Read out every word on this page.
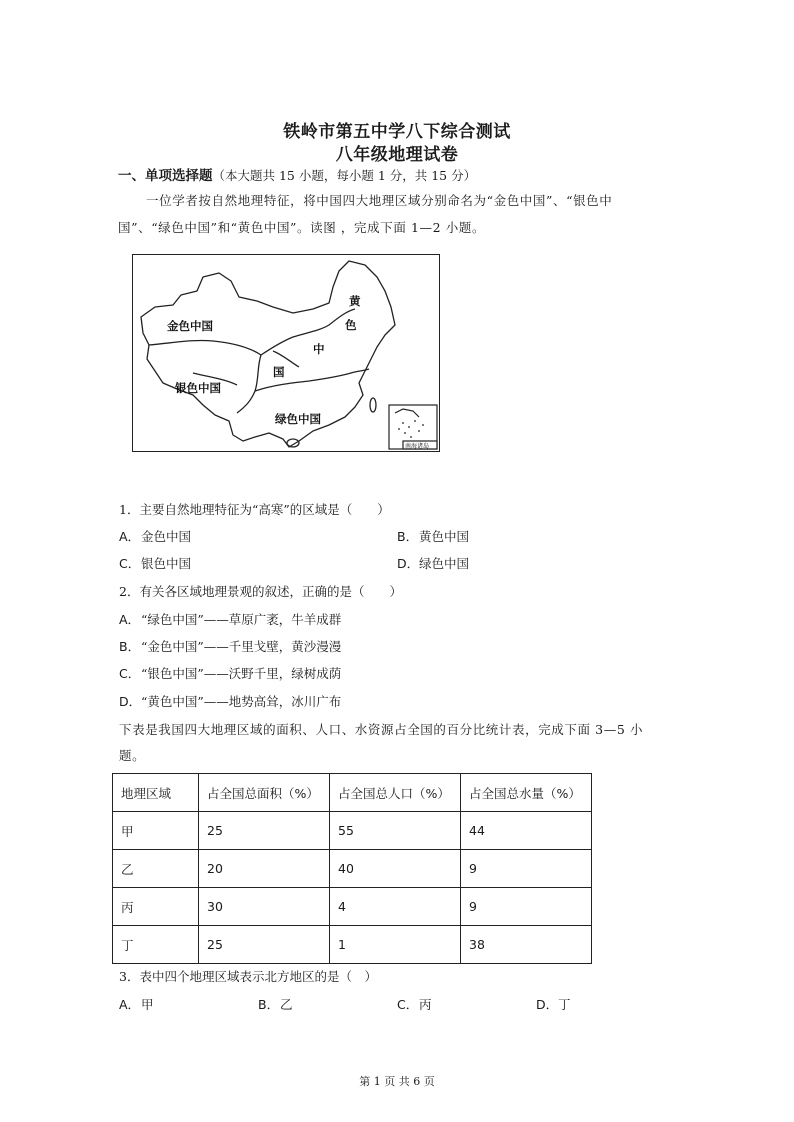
铁岭市第五中学八下综合测试
八年级地理试卷
一、单项选择题（本大题共 15 小题，每小题 1 分，共 15 分）
一位学者按自然地理特征，将中国四大地理区域分别命名为“金色中国”、“银色中
国”、“绿色中国”和“黄色中国”。读图 ，完成下面 1—2 小题。
金色中国
银色中国
绿色中国
黄
色
中
国
南海诸岛
1．主要自然地理特征为“高寒”的区域是（　　）
A．金色中国	B．黄色中国
C．银色中国	D．绿色中国
2．有关各区域地理景观的叙述，正确的是（　　）
A．“绿色中国”——草原广袤，牛羊成群
B．“金色中国”——千里戈壁，黄沙漫漫
C．“银色中国”——沃野千里，绿树成荫
D．“黄色中国”——地势高耸，冰川广布
下表是我国四大地理区域的面积、人口、水资源占全国的百分比统计表，完成下面 3—5 小
题。
地理区域	占全国总面积（%）	占全国总人口（%）	占全国总水量（%）
甲	25	55	44
乙	20	40	9
丙	30	4	9
丁	25	1	38
3．表中四个地理区域表示北方地区的是（　）
A．甲	B．乙	C．丙	D．丁
第 1 页 共 6 页
